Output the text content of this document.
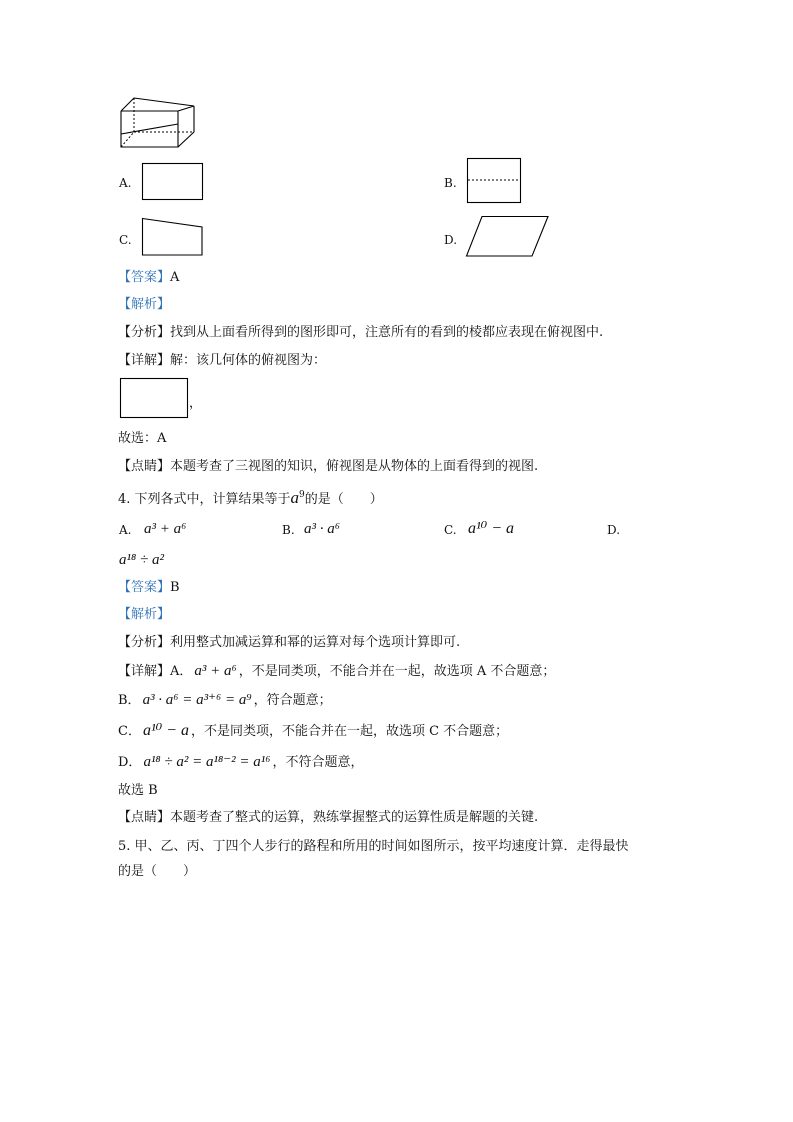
A.	B.
C.	D.
【答案】A
【解析】
【分析】找到从上面看所得到的图形即可，注意所有的看到的棱都应表现在俯视图中.
【详解】解：该几何体的俯视图为：
，
故选：A
【点睛】本题考查了三视图的知识，俯视图是从物体的上面看得到的视图.
4. 下列各式中，计算结果等于$a^9$的是（　　）
A. a³ + a⁶	B. a³ · a⁶	C. a¹⁰ − a	D.
a¹⁸ ÷ a²
【答案】B
【解析】
【分析】利用整式加减运算和幂的运算对每个选项计算即可.
【详解】A． a³ + a⁶ ，不是同类项，不能合并在一起，故选项 A 不合题意；
B． a³ · a⁶ = a³⁺⁶ = a⁹ ，符合题意；
C． a¹⁰ − a ，不是同类项，不能合并在一起，故选项 C 不合题意；
D． a¹⁸ ÷ a² = a¹⁸⁻² = a¹⁶ ，不符合题意，
故选 B
【点睛】本题考查了整式的运算，熟练掌握整式的运算性质是解题的关键.
5. 甲、乙、丙、丁四个人步行的路程和所用的时间如图所示，按平均速度计算．走得最快
的是（　　）
